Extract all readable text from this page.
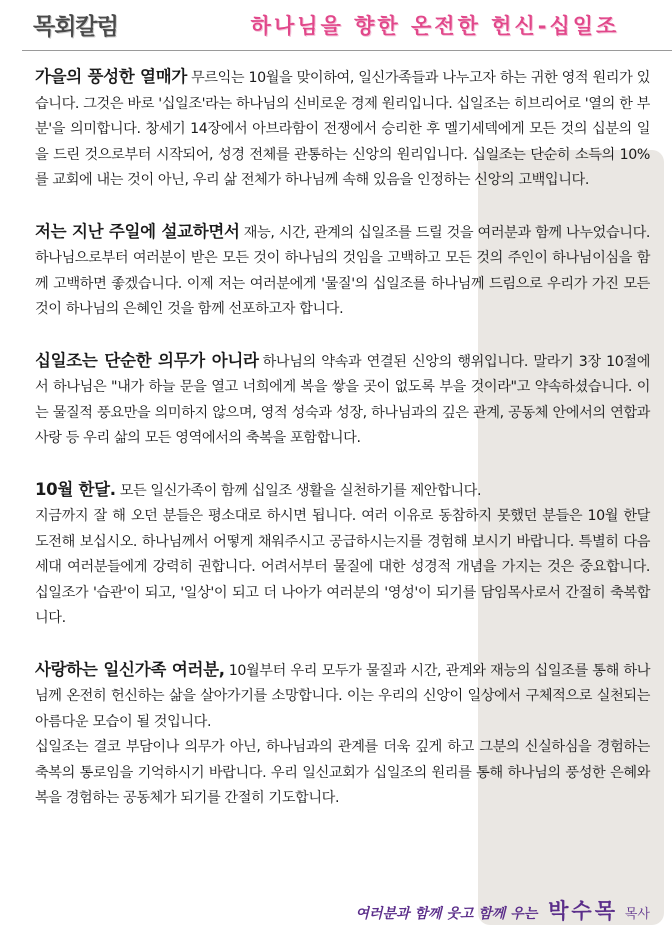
목회칼럼	하나님을 향한 온전한 헌신-십일조

가을의 풍성한 열매가 무르익는 10월을 맞이하여, 일신가족들과 나누고자 하는 귀한 영적 원리가 있습니다. 그것은 바로 '십일조'라는 하나님의 신비로운 경제 원리입니다. 십일조는 히브리어로 '열의 한 부분'을 의미합니다. 창세기 14장에서 아브라함이 전쟁에서 승리한 후 멜기세덱에게 모든 것의 십분의 일을 드린 것으로부터 시작되어, 성경 전체를 관통하는 신앙의 원리입니다. 십일조는 단순히 소득의 10%를 교회에 내는 것이 아닌, 우리 삶 전체가 하나님께 속해 있음을 인정하는 신앙의 고백입니다.

저는 지난 주일에 설교하면서 재능, 시간, 관계의 십일조를 드릴 것을 여러분과 함께 나누었습니다. 하나님으로부터 여러분이 받은 모든 것이 하나님의 것임을 고백하고 모든 것의 주인이 하나님이심을 함께 고백하면 좋겠습니다. 이제 저는 여러분에게 '물질'의 십일조를 하나님께 드림으로 우리가 가진 모든 것이 하나님의 은혜인 것을 함께 선포하고자 합니다.

십일조는 단순한 의무가 아니라 하나님의 약속과 연결된 신앙의 행위입니다. 말라기 3장 10절에서 하나님은 "내가 하늘 문을 열고 너희에게 복을 쌓을 곳이 없도록 부을 것이라"고 약속하셨습니다. 이는 물질적 풍요만을 의미하지 않으며, 영적 성숙과 성장, 하나님과의 깊은 관계, 공동체 안에서의 연합과 사랑 등 우리 삶의 모든 영역에서의 축복을 포함합니다.

10월 한달. 모든 일신가족이 함께 십일조 생활을 실천하기를 제안합니다.
지금까지 잘 해 오던 분들은 평소대로 하시면 됩니다. 여러 이유로 동참하지 못했던 분들은 10월 한달 도전해 보십시오. 하나님께서 어떻게 채워주시고 공급하시는지를 경험해 보시기 바랍니다. 특별히 다음세대 여러분들에게 강력히 권합니다. 어려서부터 물질에 대한 성경적 개념을 가지는 것은 중요합니다. 십일조가 '습관'이 되고, '일상'이 되고 더 나아가 여러분의 '영성'이 되기를 담임목사로서 간절히 축복합니다.

사랑하는 일신가족 여러분, 10월부터 우리 모두가 물질과 시간, 관계와 재능의 십일조를 통해 하나님께 온전히 헌신하는 삶을 살아가기를 소망합니다. 이는 우리의 신앙이 일상에서 구체적으로 실천되는 아름다운 모습이 될 것입니다.
십일조는 결코 부담이나 의무가 아닌, 하나님과의 관계를 더욱 깊게 하고 그분의 신실하심을 경험하는 축복의 통로임을 기억하시기 바랍니다. 우리 일신교회가 십일조의 원리를 통해 하나님의 풍성한 은혜와 복을 경험하는 공동체가 되기를 간절히 기도합니다.

여러분과 함께 웃고 함께 우는 박수목 목사
